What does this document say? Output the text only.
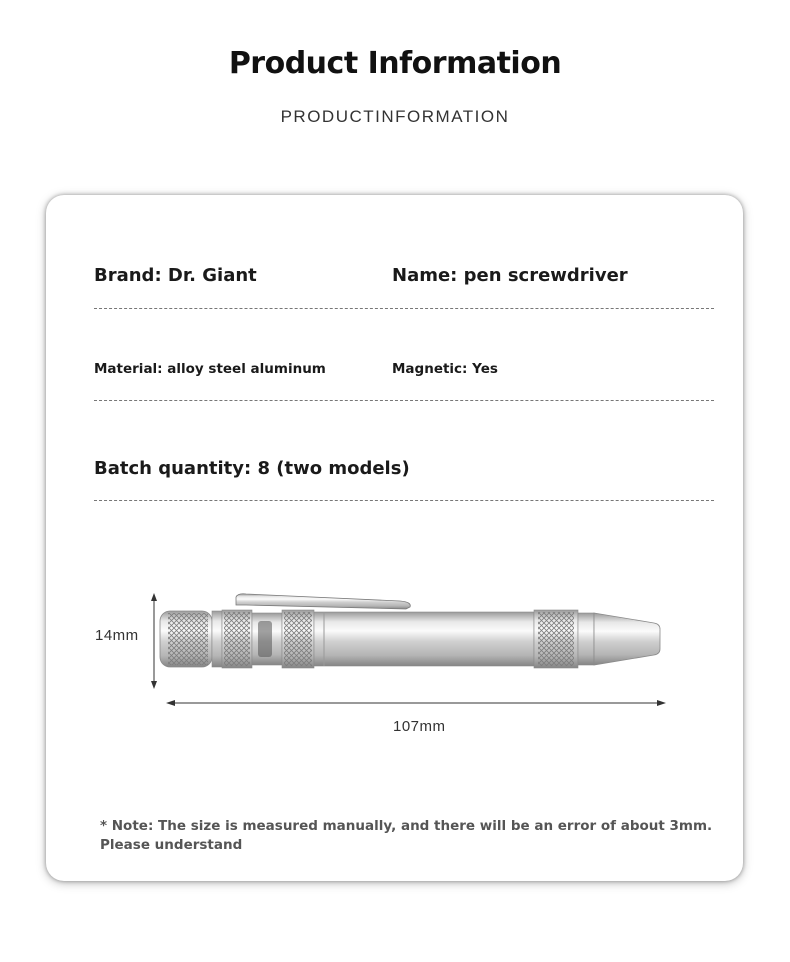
Product Information
PRODUCTINFORMATION
Brand: Dr. Giant	Name: pen screwdriver
Material: alloy steel aluminum	Magnetic: Yes
Batch quantity: 8 (two models)
14mm
107mm
* Note: The size is measured manually, and there will be an error of about 3mm.
Please understand
